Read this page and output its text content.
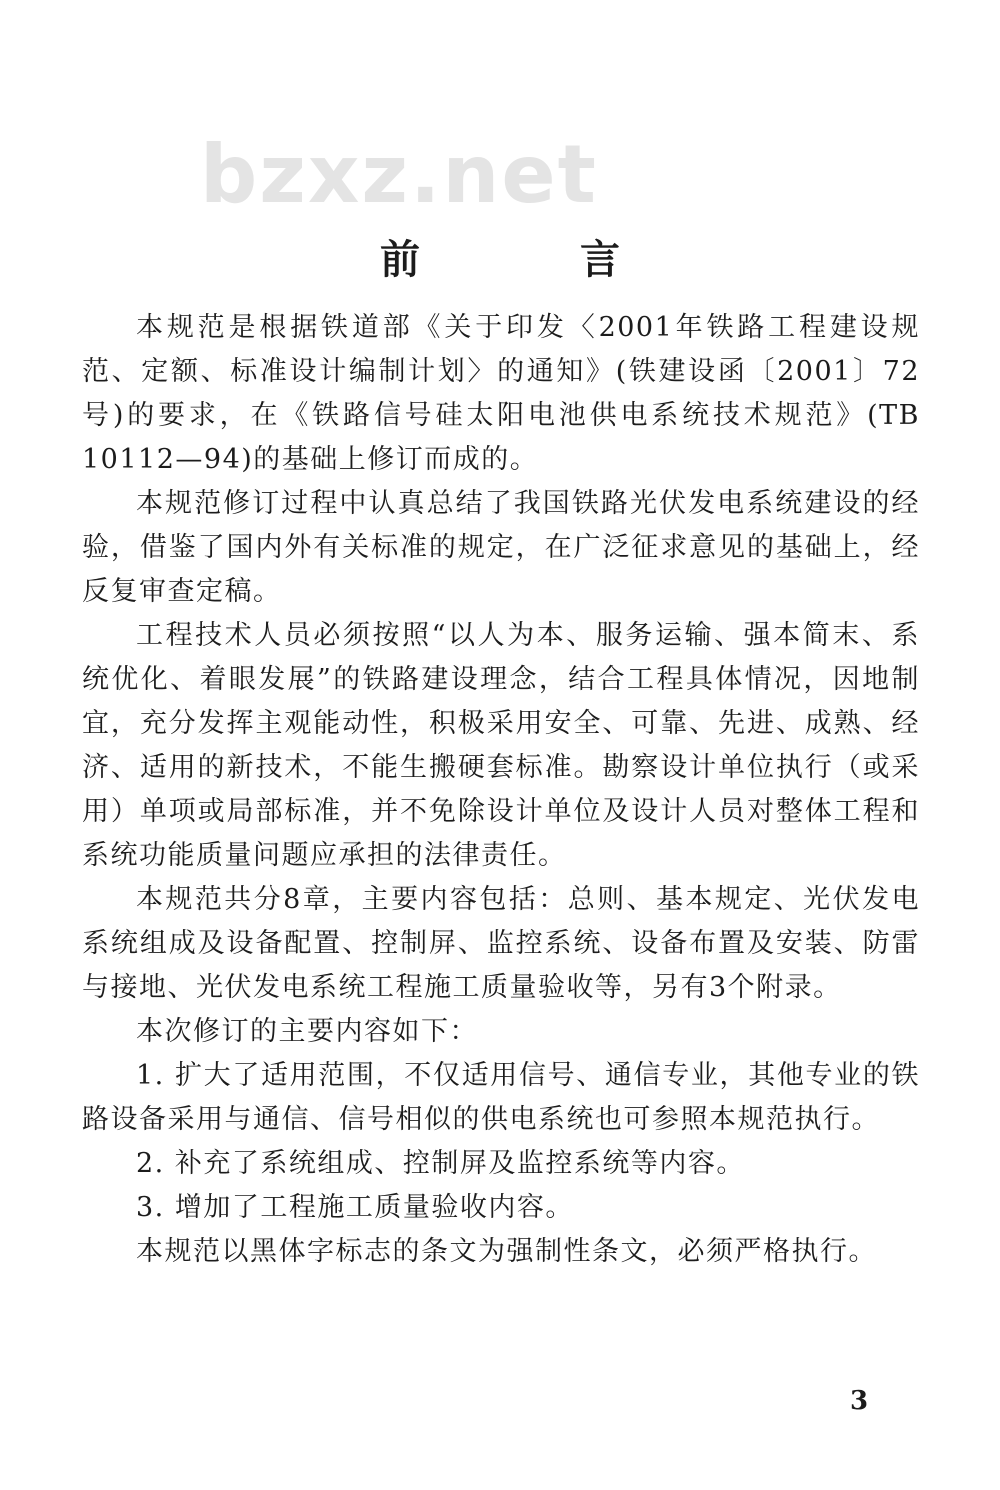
bzxz.net
前　言

本规范是根据铁道部《关于印发〈2001年铁路工程建设规范、定额、标准设计编制计划〉的通知》(铁建设函〔2001〕72号)的要求，在《铁路信号硅太阳电池供电系统技术规范》(TB 10112—94)的基础上修订而成的。

本规范修订过程中认真总结了我国铁路光伏发电系统建设的经验，借鉴了国内外有关标准的规定，在广泛征求意见的基础上，经反复审查定稿。

工程技术人员必须按照“以人为本、服务运输、强本简末、系统优化、着眼发展”的铁路建设理念，结合工程具体情况，因地制宜，充分发挥主观能动性，积极采用安全、可靠、先进、成熟、经济、适用的新技术，不能生搬硬套标准。勘察设计单位执行（或采用）单项或局部标准，并不免除设计单位及设计人员对整体工程和系统功能质量问题应承担的法律责任。

本规范共分8章，主要内容包括：总则、基本规定、光伏发电系统组成及设备配置、控制屏、监控系统、设备布置及安装、防雷与接地、光伏发电系统工程施工质量验收等，另有3个附录。

本次修订的主要内容如下：

1. 扩大了适用范围，不仅适用信号、通信专业，其他专业的铁路设备采用与通信、信号相似的供电系统也可参照本规范执行。

2. 补充了系统组成、控制屏及监控系统等内容。

3. 增加了工程施工质量验收内容。

本规范以黑体字标志的条文为强制性条文，必须严格执行。

3
